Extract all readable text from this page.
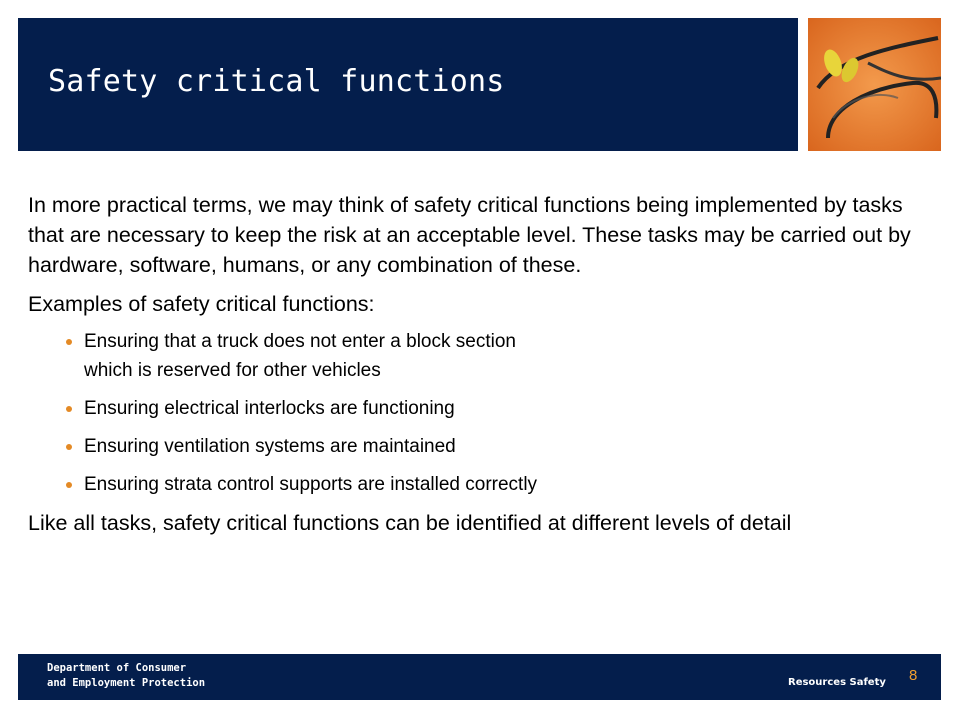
Safety critical functions

In more practical terms, we may think of safety critical functions being implemented by tasks that are necessary to keep the risk at an acceptable level. These tasks may be carried out by hardware, software, humans, or any combination of these.

Examples of safety critical functions:

Ensuring that a truck does not enter a block section
which is reserved for other vehicles
Ensuring electrical interlocks are functioning
Ensuring ventilation systems are maintained
Ensuring strata control supports are installed correctly

Like all tasks, safety critical functions can be identified at different levels of detail

Department of Consumer
and Employment Protection	Resources Safety 8
